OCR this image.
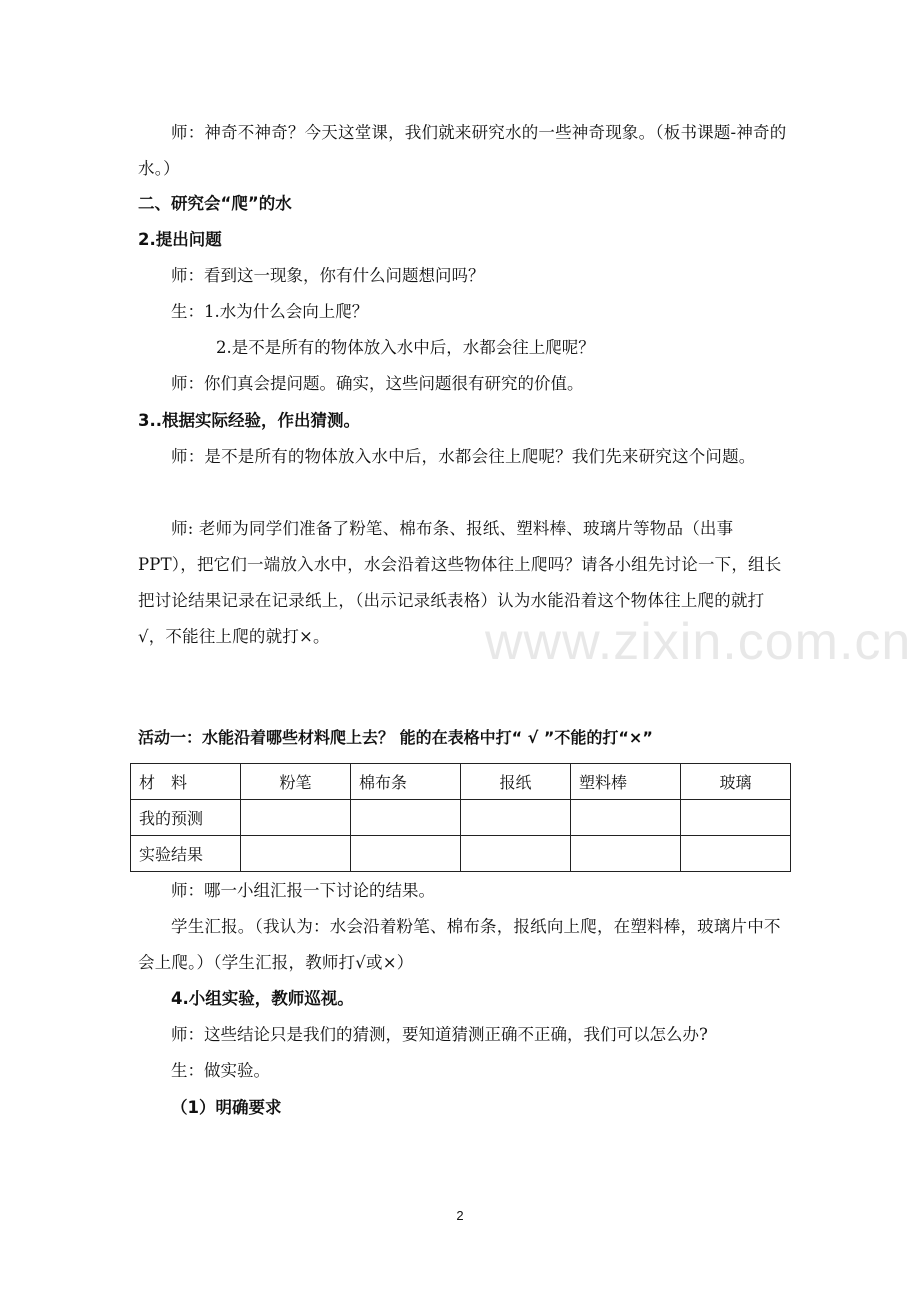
师：神奇不神奇？今天这堂课，我们就来研究水的一些神奇现象。（板书课题-神奇的 水。）
二、研究会“爬”的水
2.提出问题
师：看到这一现象，你有什么问题想问吗？
生：1.水为什么会向上爬？
2.是不是所有的物体放入水中后，水都会往上爬呢？
师：你们真会提问题。确实，这些问题很有研究的价值。
3..根据实际经验，作出猜测。
师：是不是所有的物体放入水中后，水都会往上爬呢？我们先来研究这个问题。
师: 老师为同学们准备了粉笔、棉布条、报纸、塑料棒、玻璃片等物品（出事 PPT），把它们一端放入水中，水会沿着这些物体往上爬吗？请各小组先讨论一下，组长把讨论结果记录在记录纸上，（出示记录纸表格）认为水能沿着这个物体往上爬的就打√，不能往上爬的就打×。	www.zixin.com.cn
活动一：水能沿着哪些材料爬上去？ 能的在表格中打“ √ ”不能的打“×”
材　料	粉笔	棉布条	报纸	塑料棒	玻璃
我的预测					
实验结果					
师：哪一小组汇报一下讨论的结果。
学生汇报。（我认为：水会沿着粉笔、棉布条，报纸向上爬，在塑料棒，玻璃片中不会上爬。）（学生汇报，教师打√或×）
4.小组实验，教师巡视。
师：这些结论只是我们的猜测，要知道猜测正确不正确，我们可以怎么办?
生：做实验。
（1）明确要求
2
